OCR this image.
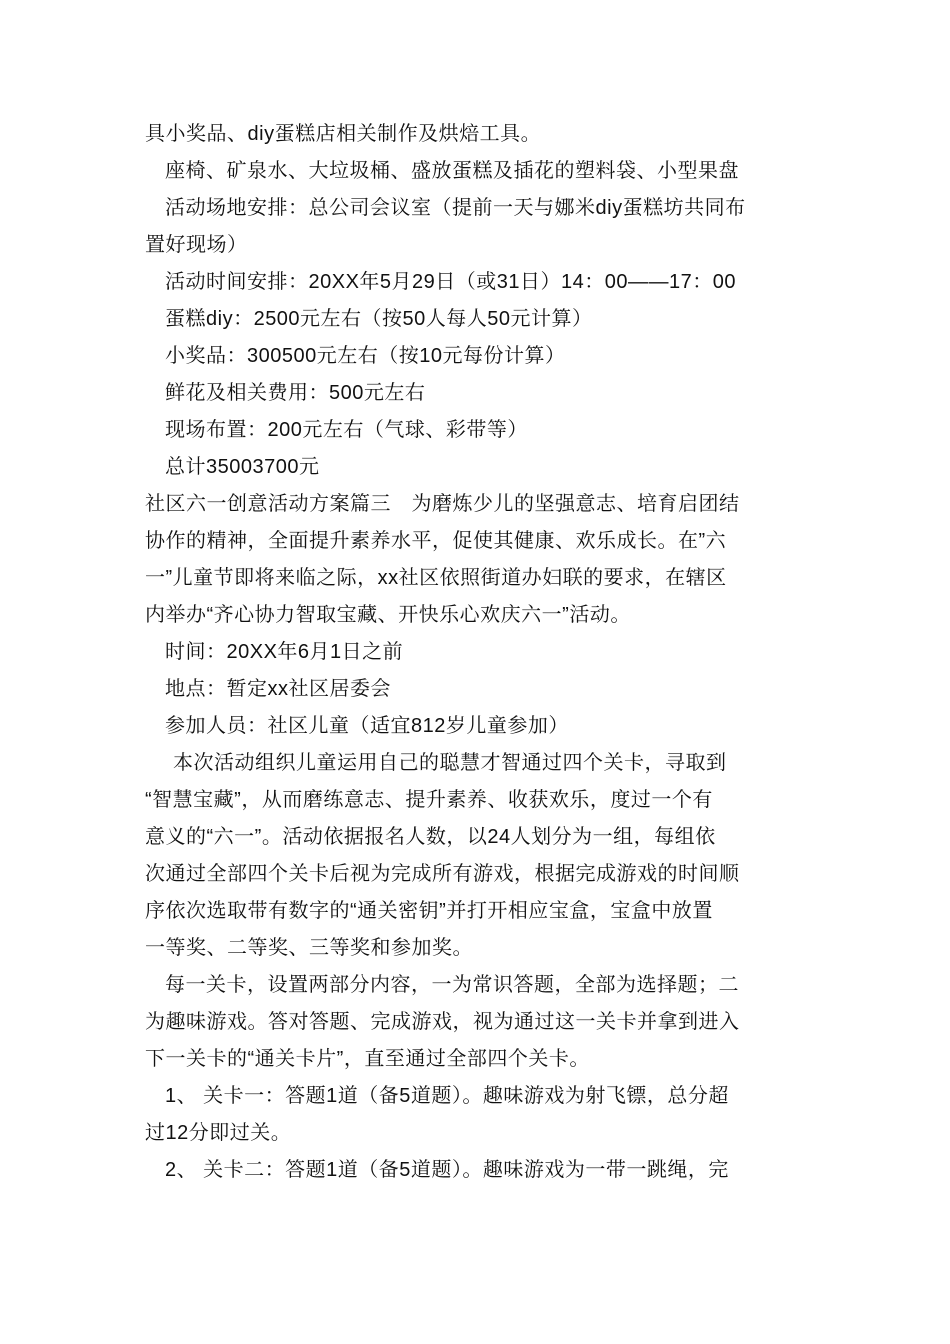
具小奖品、diy蛋糕店相关制作及烘焙工具。
座椅、矿泉水、大垃圾桶、盛放蛋糕及插花的塑料袋、小型果盘
活动场地安排：总公司会议室（提前一天与娜米diy蛋糕坊共同布
置好现场）
活动时间安排：20XX年5月29日（或31日）14：00——17：00
蛋糕diy：2500元左右（按50人每人50元计算）
小奖品：300500元左右（按10元每份计算）
鲜花及相关费用：500元左右
现场布置：200元左右（气球、彩带等）
总计35003700元
社区六一创意活动方案篇三　为磨炼少儿的坚强意志、培育启团结
协作的精神，全面提升素养水平，促使其健康、欢乐成长。在”六
一”儿童节即将来临之际，xx社区依照街道办妇联的要求，在辖区
内举办“齐心协力智取宝藏、开快乐心欢庆六一”活动。
时间：20XX年6月1日之前
地点：暂定xx社区居委会
参加人员：社区儿童（适宜812岁儿童参加）
本次活动组织儿童运用自己的聪慧才智通过四个关卡，寻取到
“智慧宝藏”，从而磨练意志、提升素养、收获欢乐，度过一个有
意义的“六一”。活动依据报名人数，以24人划分为一组，每组依
次通过全部四个关卡后视为完成所有游戏，根据完成游戏的时间顺
序依次选取带有数字的“通关密钥”并打开相应宝盒，宝盒中放置
一等奖、二等奖、三等奖和参加奖。
每一关卡，设置两部分内容，一为常识答题，全部为选择题；二
为趣味游戏。答对答题、完成游戏，视为通过这一关卡并拿到进入
下一关卡的“通关卡片”，直至通过全部四个关卡。
1、 关卡一：答题1道（备5道题）。趣味游戏为射飞镖，总分超
过12分即过关。
2、 关卡二：答题1道（备5道题）。趣味游戏为一带一跳绳，完
